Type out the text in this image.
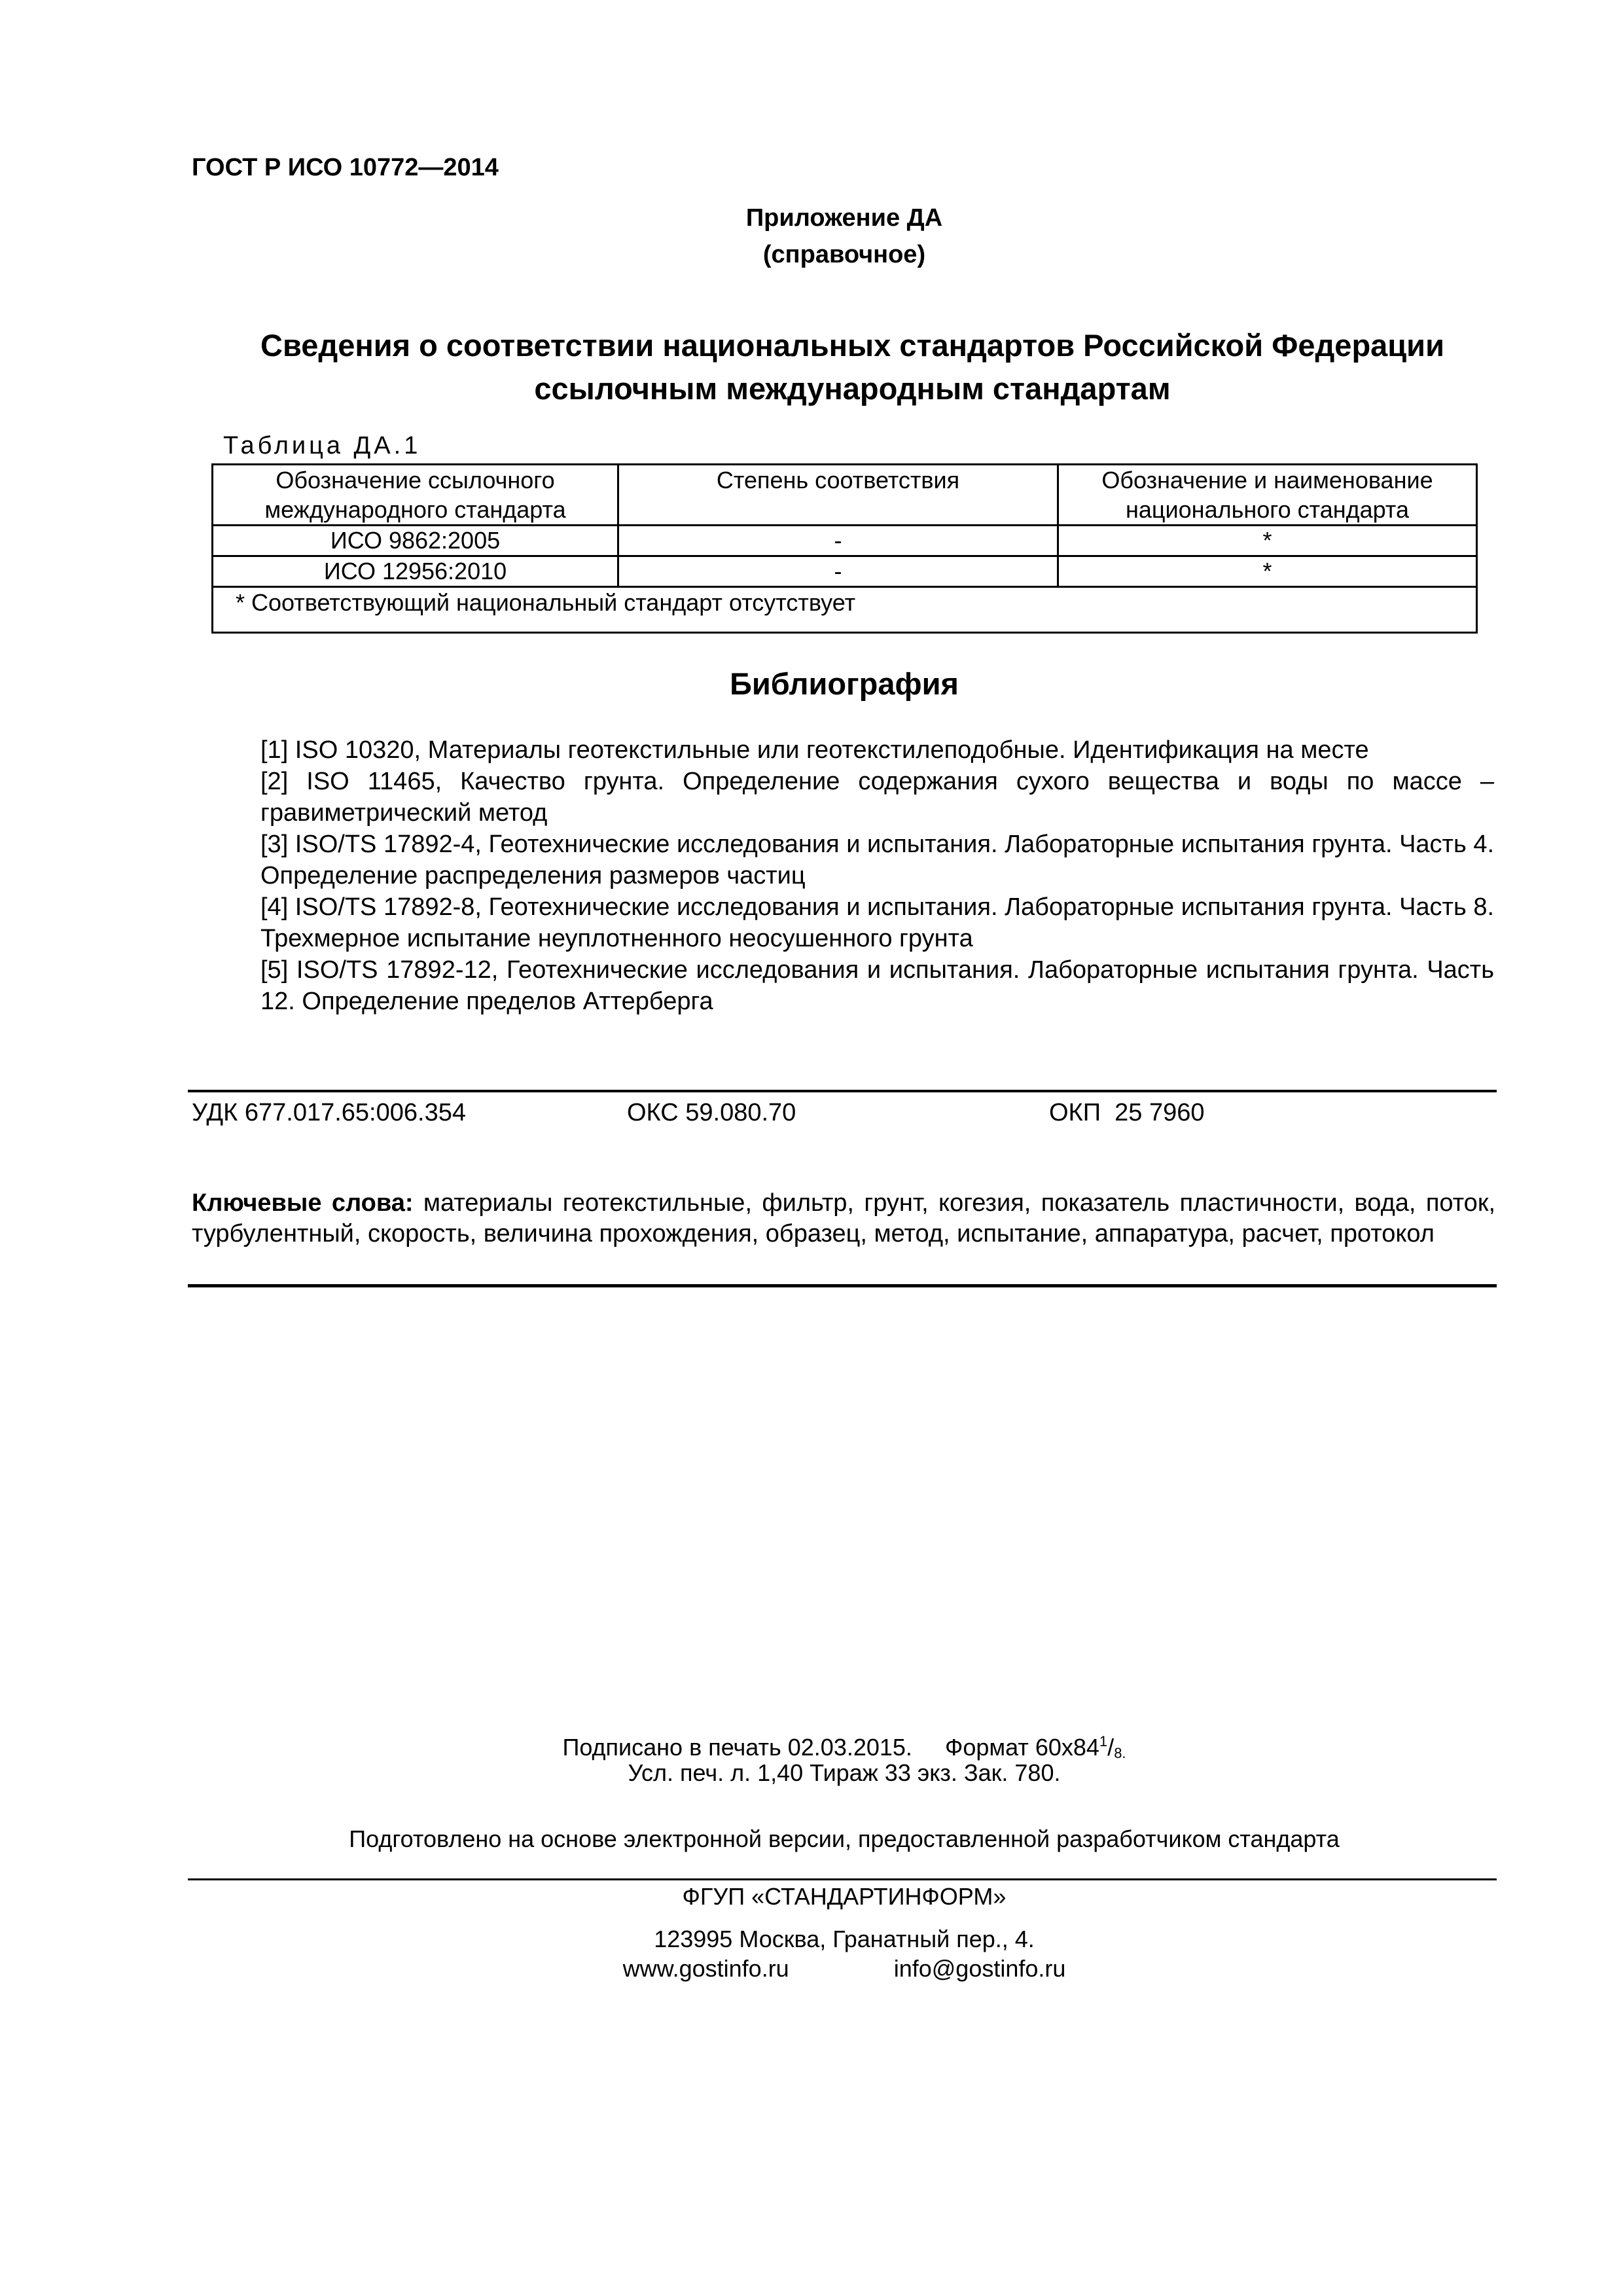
ГОСТ Р ИСО 10772—2014
Приложение ДА
(справочное)
Сведения о соответствии национальных стандартов Российской Федерации
ссылочным международным стандартам
Таблица ДА.1
Обозначение ссылочного международного стандарта	Степень соответствия	Обозначение и наименование национального стандарта
ИСО 9862:2005	-	*
ИСО 12956:2010	-	*
* Соответствующий национальный стандарт отсутствует		
Библиография

[1] ISO 10320, Материалы геотекстильные или геотекстилеподобные. Идентификация на месте

[2] ISO 11465, Качество грунта. Определение содержания сухого вещества и воды по массе – гравиметрический метод

[3] ISO/TS 17892-4, Геотехнические исследования и испытания. Лабораторные испытания грунта. Часть 4. Определение распределения размеров частиц

[4] ISO/TS 17892-8, Геотехнические исследования и испытания. Лабораторные испытания грунта. Часть 8. Трехмерное испытание неуплотненного неосушенного грунта

[5] ISO/TS 17892-12, Геотехнические исследования и испытания. Лабораторные испытания грунта. Часть 12. Определение пределов Аттерберга

УДК 677.017.65:006.354	ОКС 59.080.70	ОКП  25 7960
Ключевые слова: материалы геотекстильные, фильтр, грунт, когезия, показатель пластичности, вода, поток, турбулентный, скорость, величина прохождения, образец, метод, испытание, аппаратура, расчет, протокол
Подписано в печать 02.03.2015. Формат $60x84^1/_{8.}$
Усл. печ. л. 1,40 Тираж 33 экз. Зак. 780.
Подготовлено на основе электронной версии, предоставленной разработчиком стандарта
ФГУП «СТАНДАРТИНФОРМ»
123995 Москва, Гранатный пер., 4.
www.gostinfo.ru	info@gostinfo.ru
